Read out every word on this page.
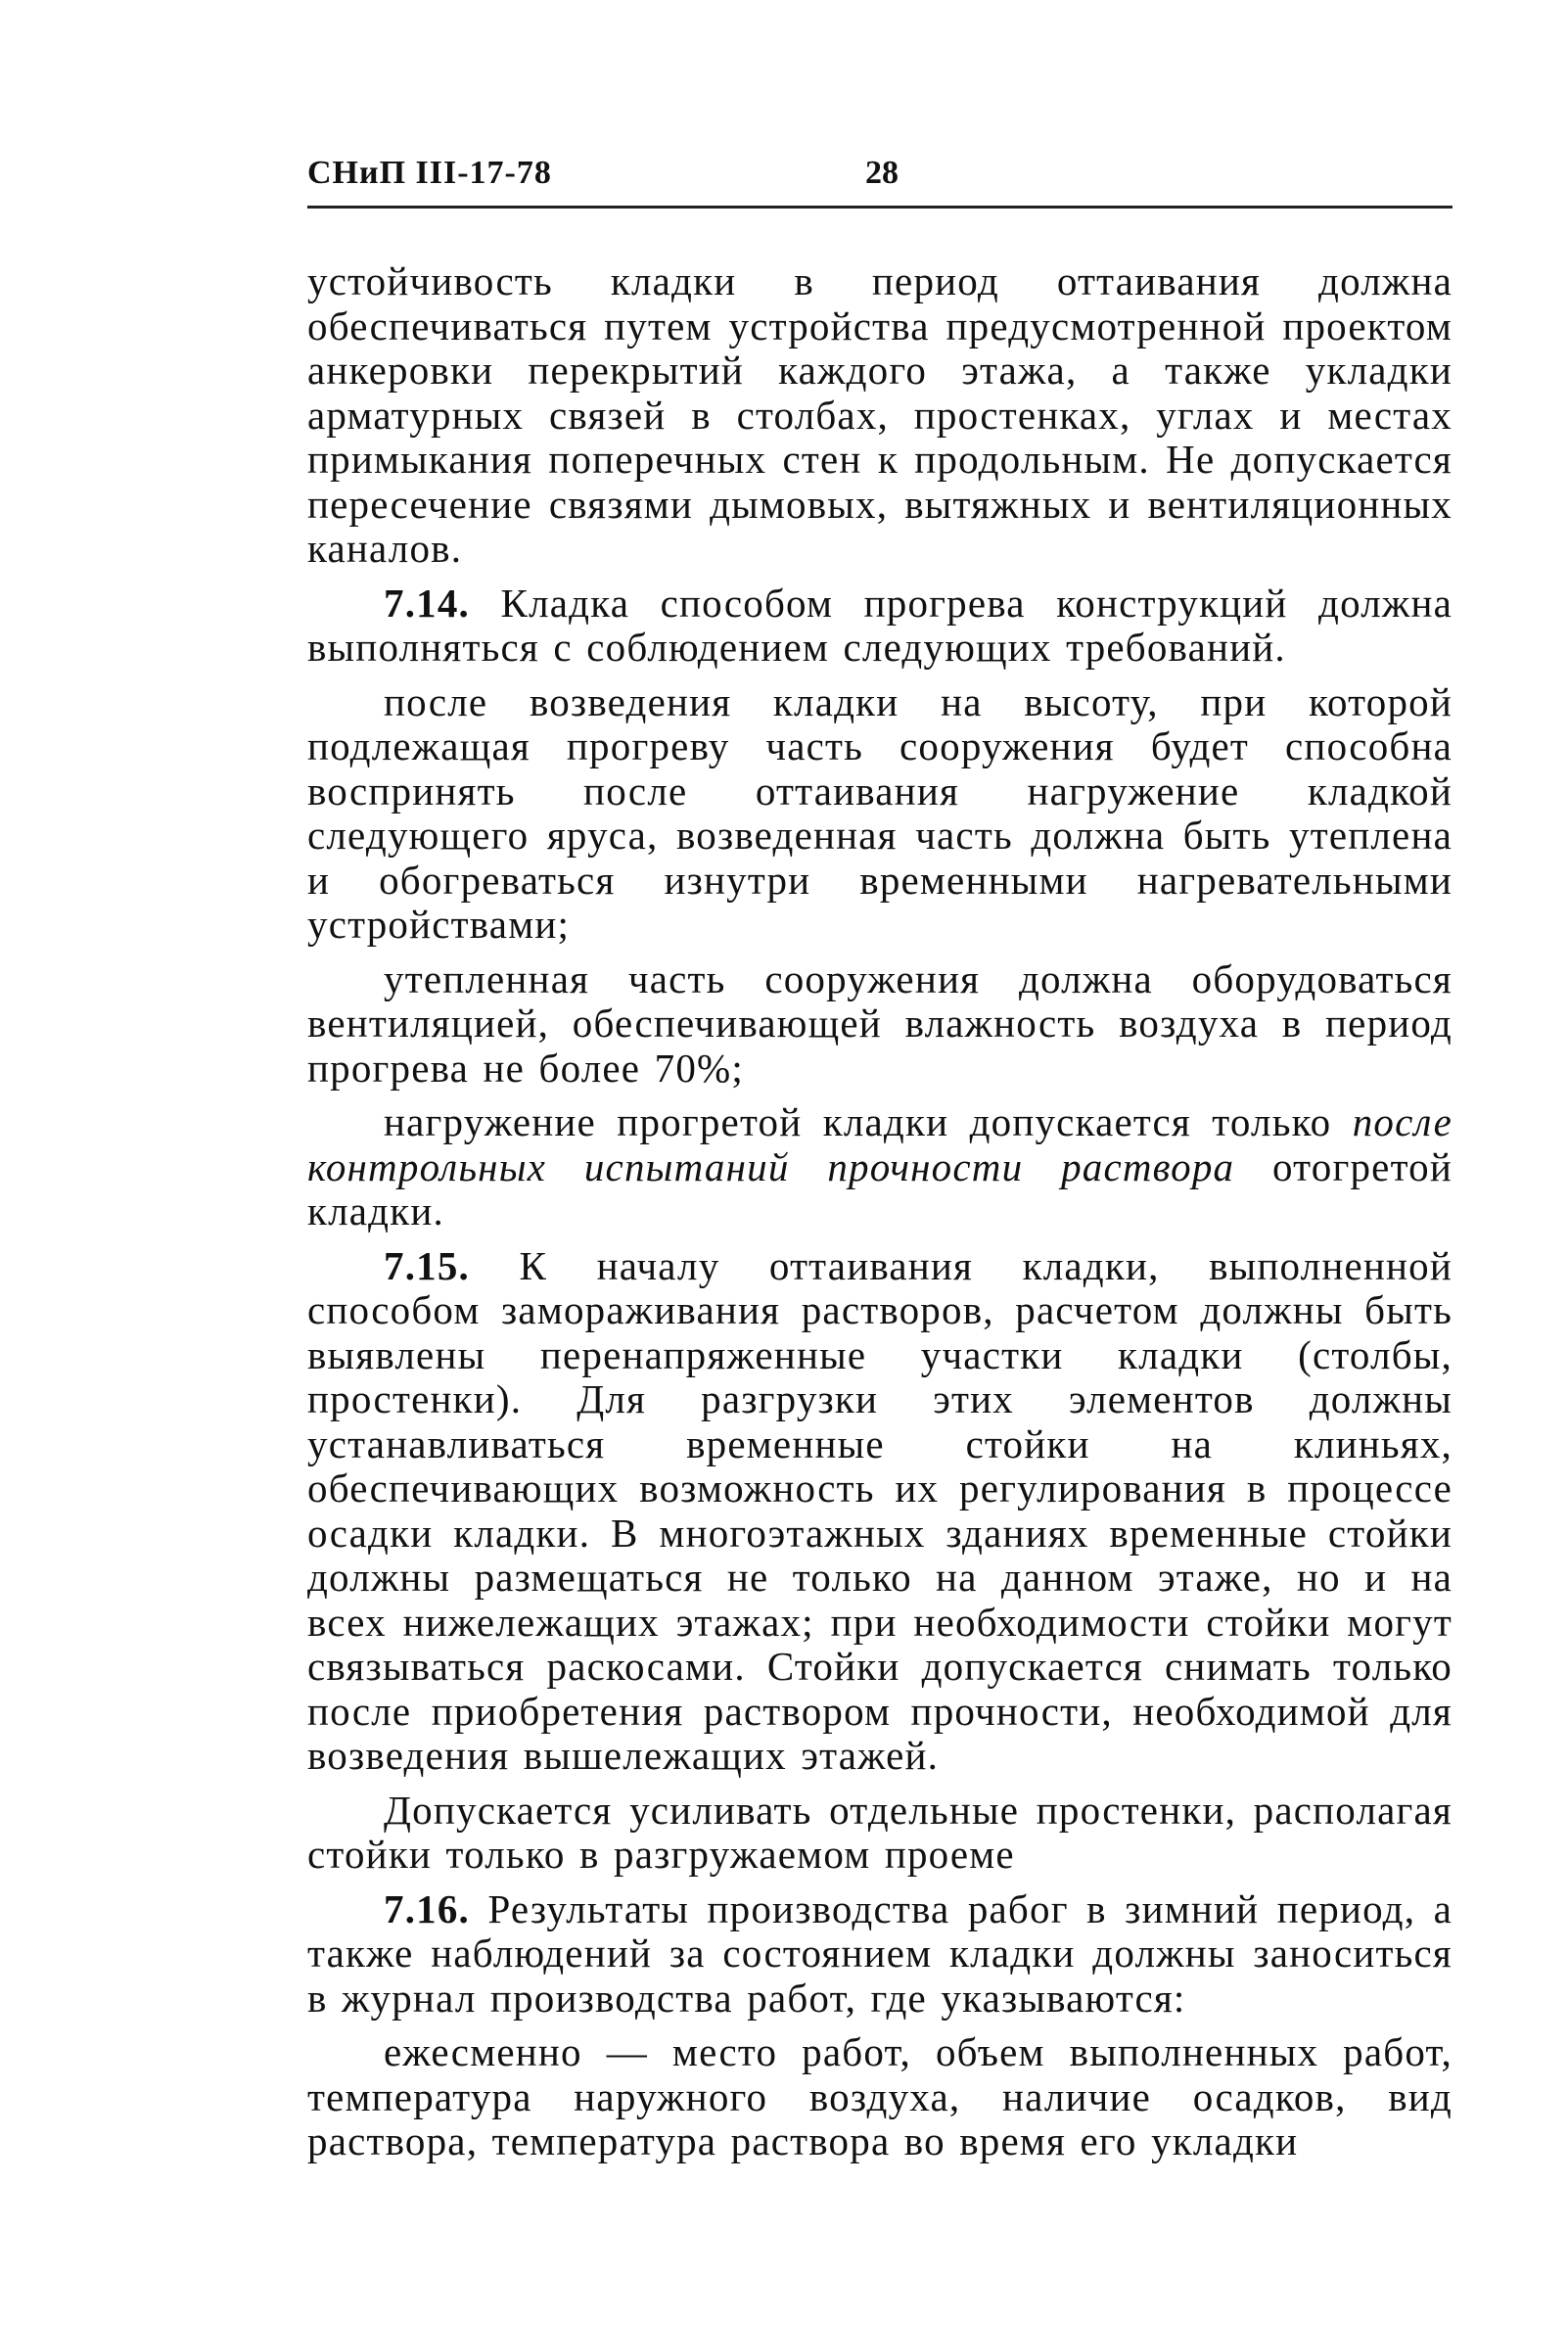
СНиП III-17-78	28

устойчивость кладки в период оттаивания должна обеспечиваться путем устройства предусмотренной проектом анкеровки перекрытий каждого этажа, а также укладки арматурных связей в столбах, простенках, углах и местах примыкания поперечных стен к продольным. Не допускается пересечение связями дымовых, вытяжных и вентиляционных каналов.

7.14. Кладка способом прогрева конструкций должна выполняться с соблюдением следующих требований.

после возведения кладки на высоту, при которой подлежащая прогреву часть сооружения будет способна воспринять после оттаивания нагружение кладкой следующего яруса, возведенная часть должна быть утеплена и обогреваться изнутри временными нагревательными устройствами;

утепленная часть сооружения должна оборудоваться вентиляцией, обеспечивающей влажность воздуха в период прогрева не более 70%;

нагружение прогретой кладки допускается только после контрольных испытаний прочности раствора отогретой кладки.

7.15. К началу оттаивания кладки, выполненной способом замораживания растворов, расчетом должны быть выявлены перенапряженные участки кладки (столбы, простенки). Для разгрузки этих элементов должны устанавливаться временные стойки на клиньях, обеспечивающих возможность их регулирования в процессе осадки кладки. В многоэтажных зданиях временные стойки должны размещаться не только на данном этаже, но и на всех нижележащих этажах; при необходимости стойки могут связываться раскосами. Стойки допускается снимать только после приобретения раствором прочности, необходимой для возведения вышележащих этажей.

Допускается усиливать отдельные простенки, располагая стойки только в разгружаемом проеме

7.16. Результаты производства рабог в зимний период, а также наблюдений за состоянием кладки должны заноситься в журнал производства работ, где указываются:

ежесменно — место работ, объем выполненных работ, температура наружного воздуха, наличие осадков, вид раствора, температура раствора во время его укладки
